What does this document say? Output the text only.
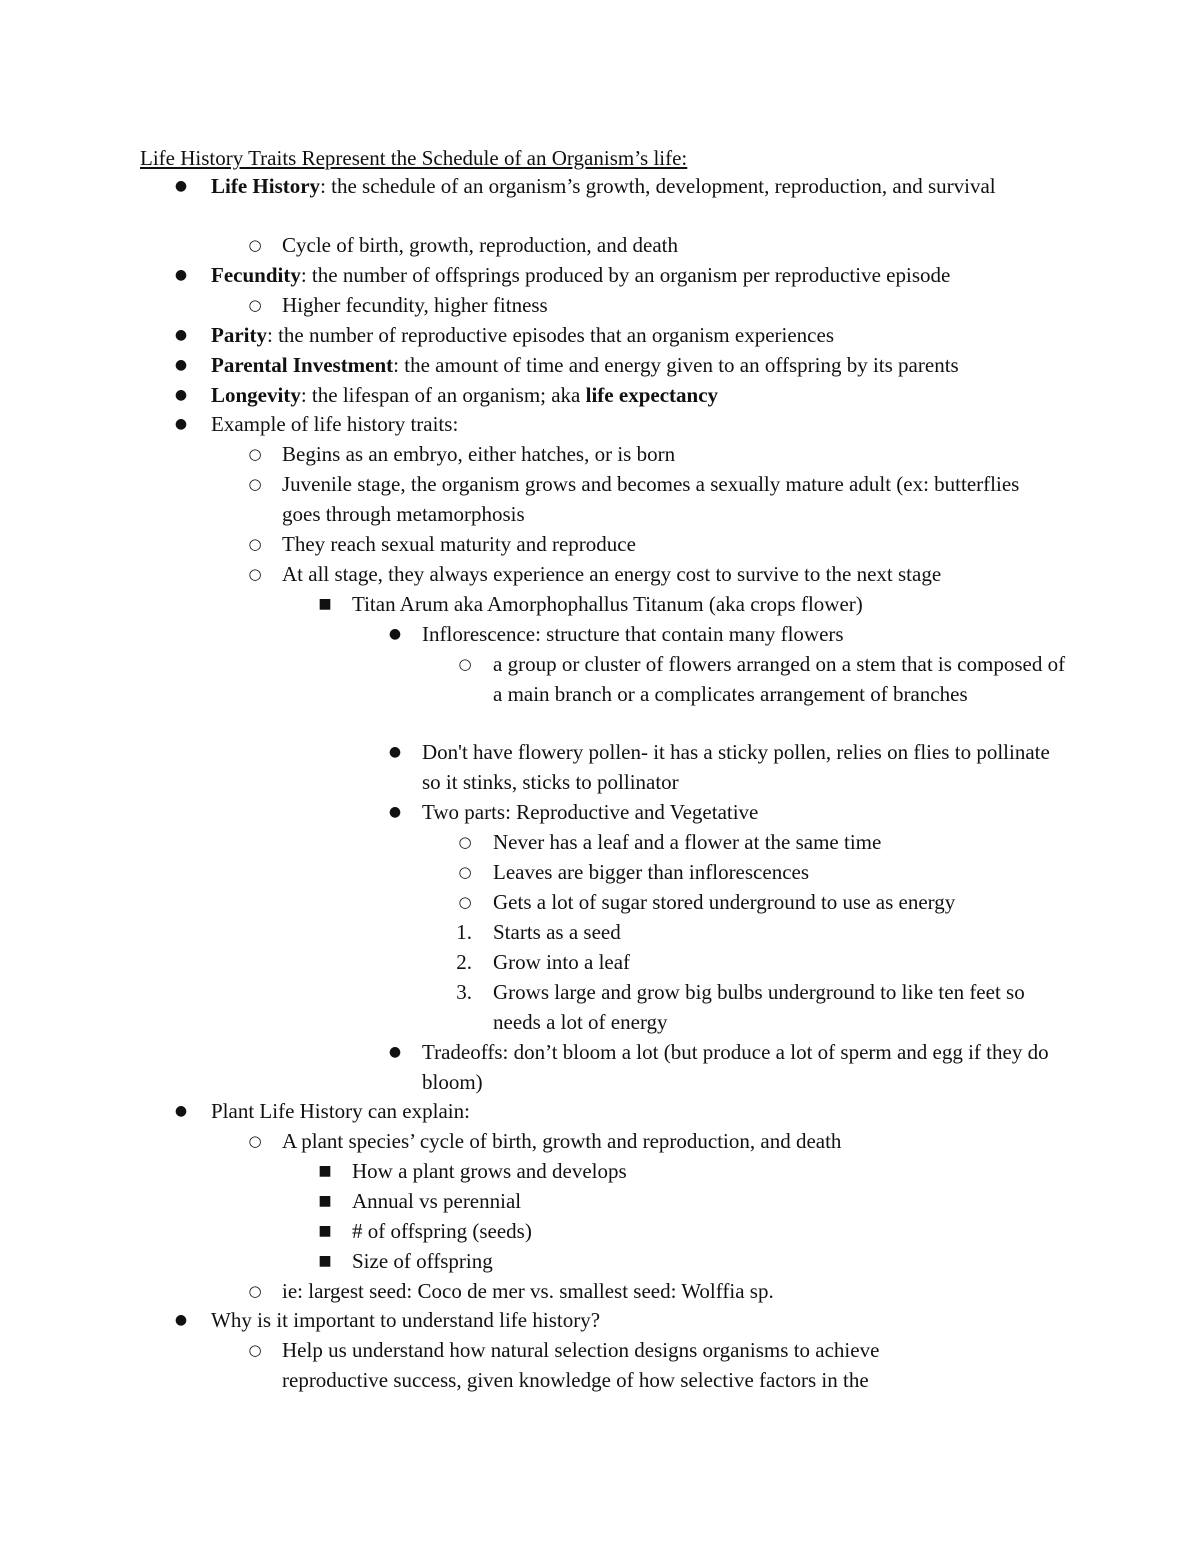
Life History Traits Represent the Schedule of an Organism’s life:
●	Life History: the schedule of an organism’s growth, development, reproduction, and survival
○ Cycle of birth, growth, reproduction, and death
●	Fecundity: the number of offsprings produced by an organism per reproductive episode
○ Higher fecundity, higher fitness
●	Parity: the number of reproductive episodes that an organism experiences
●	Parental Investment: the amount of time and energy given to an offspring by its parents
●	Longevity: the lifespan of an organism; aka life expectancy
●	Example of life history traits:
○ Begins as an embryo, either hatches, or is born
○ Juvenile stage, the organism grows and becomes a sexually mature adult (ex: butterflies goes through metamorphosis
○ They reach sexual maturity and reproduce
○ At all stage, they always experience an energy cost to survive to the next stage
■ Titan Arum aka Amorphophallus Titanum (aka crops flower)
● Inflorescence: structure that contain many flowers
○	a group or cluster of flowers arranged on a stem that is composed of a main branch or a complicates arrangement of branches
● Don't have flowery pollen- it has a sticky pollen, relies on flies to pollinate so it stinks, sticks to pollinator
● Two parts: Reproductive and Vegetative
○	Never has a leaf and a flower at the same time
○	Leaves are bigger than inflorescences
○	Gets a lot of sugar stored underground to use as energy
1. Starts as a seed
2. Grow into a leaf
3. Grows large and grow big bulbs underground to like ten feet so needs a lot of energy
● Tradeoffs: don’t bloom a lot (but produce a lot of sperm and egg if they do bloom)
●	Plant Life History can explain:
○ A plant species’ cycle of birth, growth and reproduction, and death
■ How a plant grows and develops
■ Annual vs perennial
■ # of offspring (seeds)
■ Size of offspring
○ ie: largest seed: Coco de mer vs. smallest seed: Wolffia sp.
●	Why is it important to understand life history?
○ Help us understand how natural selection designs organisms to achieve reproductive success, given knowledge of how selective factors in the
